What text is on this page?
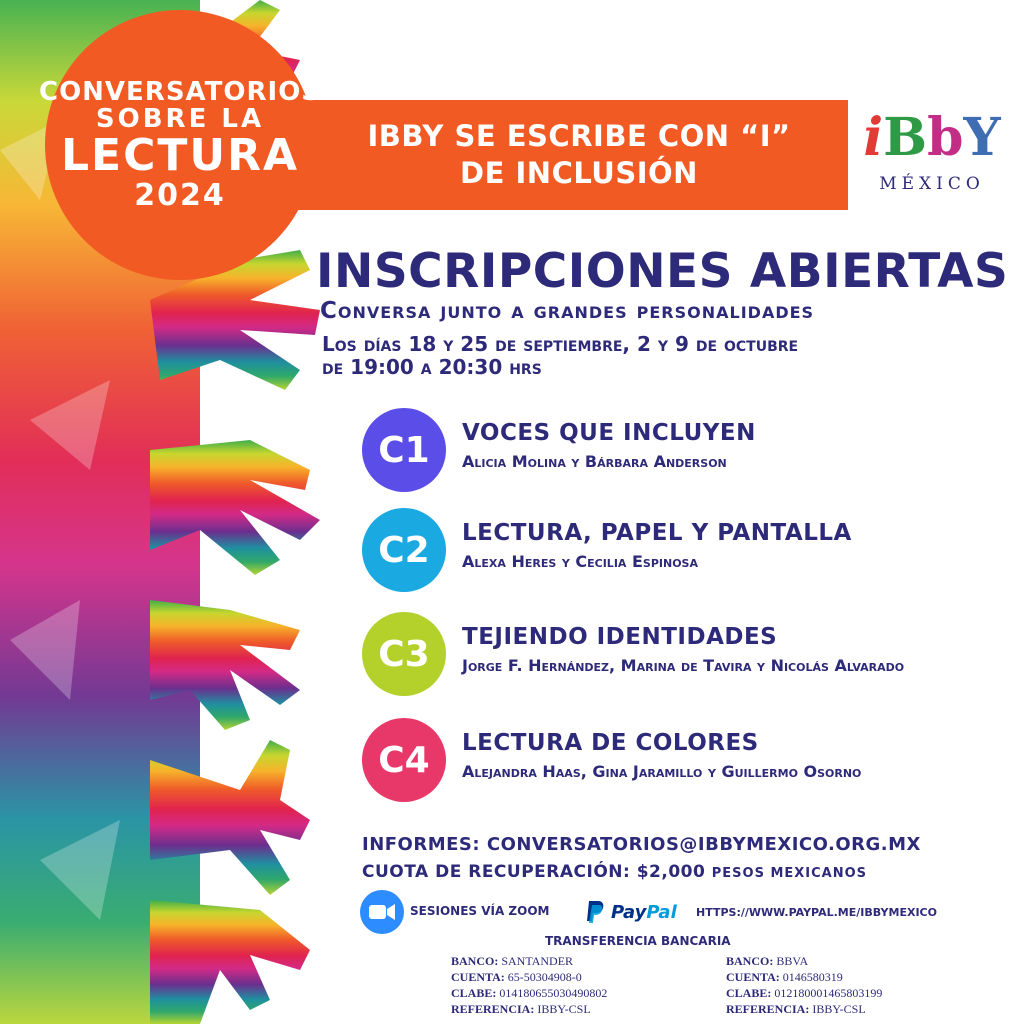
CONVERSATORIOS
SOBRE LA
LECTURA
2024
IBBY SE ESCRIBE CON “I”
DE INCLUSIÓN
iBbY
MÉXICO
INSCRIPCIONES ABIERTAS
Conversa junto a grandes personalidades
Los días 18 y 25 de septiembre, 2 y 9 de octubre
de 19:00 a 20:30 hrs
C1	VOCES QUE INCLUYEN
Alicia Molina y Bárbara Anderson
C2	LECTURA, PAPEL Y PANTALLA
Alexa Heres y Cecilia Espinosa
C3	TEJIENDO IDENTIDADES
Jorge F. Hernández, Marina de Tavira y Nicolás Alvarado
C4	LECTURA DE COLORES
Alejandra Haas, Gina Jaramillo y Guillermo Osorno
INFORMES: CONVERSATORIOS@IBBYMEXICO.ORG.MX
CUOTA DE RECUPERACIÓN: $2,000 PESOS MEXICANOS
SESIONES VÍA ZOOM	PayPal HTTPS://WWW.PAYPAL.ME/IBBYMEXICO
TRANSFERENCIA BANCARIA
BANCO: SANTANDER
CUENTA: 65-50304908-0
CLABE: 014180655030490802
REFERENCIA: IBBY-CSL
BANCO: BBVA
CUENTA: 0146580319
CLABE: 012180001465803199
REFERENCIA: IBBY-CSL
